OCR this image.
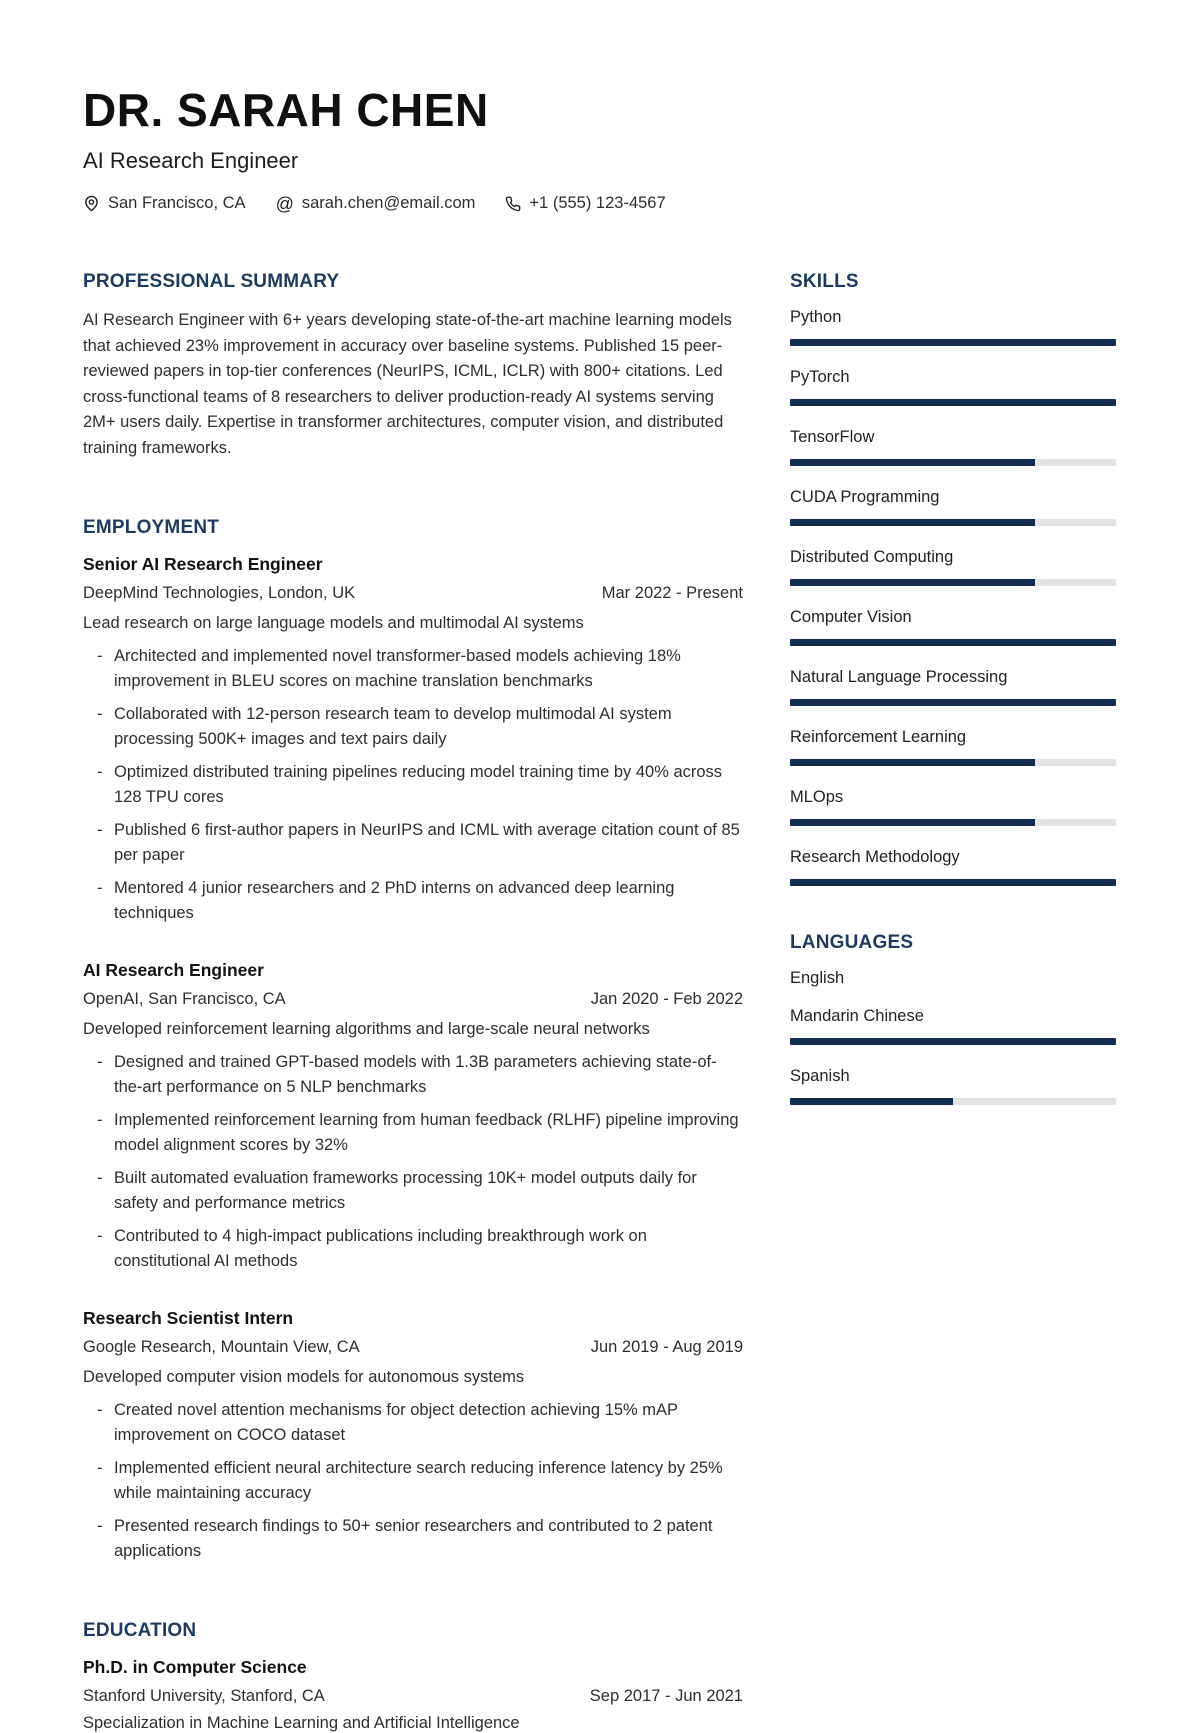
DR. SARAH CHEN
AI Research Engineer
San Francisco, CA @ sarah.chen@email.com	+1 (555) 123-4567
PROFESSIONAL SUMMARY

AI Research Engineer with 6+ years developing state-of-the-art machine learning models that achieved 23% improvement in accuracy over baseline systems. Published 15 peer-reviewed papers in top-tier conferences (NeurIPS, ICML, ICLR) with 800+ citations. Led cross-functional teams of 8 researchers to deliver production-ready AI systems serving 2M+ users daily. Expertise in transformer architectures, computer vision, and distributed training frameworks.

EMPLOYMENT
Senior AI Research Engineer
DeepMind Technologies, London, UK	Mar 2022 - Present
Lead research on large language models and multimodal AI systems
- Architected and implemented novel transformer-based models achieving 18% improvement in BLEU scores on machine translation benchmarks
- Collaborated with 12-person research team to develop multimodal AI system processing 500K+ images and text pairs daily
- Optimized distributed training pipelines reducing model training time by 40% across 128 TPU cores
- Published 6 first-author papers in NeurIPS and ICML with average citation count of 85 per paper
- Mentored 4 junior researchers and 2 PhD interns on advanced deep learning techniques
AI Research Engineer
OpenAI, San Francisco, CA	Jan 2020 - Feb 2022
Developed reinforcement learning algorithms and large-scale neural networks
- Designed and trained GPT-based models with 1.3B parameters achieving state-of-the-art performance on 5 NLP benchmarks
- Implemented reinforcement learning from human feedback (RLHF) pipeline improving model alignment scores by 32%
- Built automated evaluation frameworks processing 10K+ model outputs daily for safety and performance metrics
- Contributed to 4 high-impact publications including breakthrough work on constitutional AI methods
Research Scientist Intern
Google Research, Mountain View, CA	Jun 2019 - Aug 2019
Developed computer vision models for autonomous systems
- Created novel attention mechanisms for object detection achieving 15% mAP improvement on COCO dataset
- Implemented efficient neural architecture search reducing inference latency by 25% while maintaining accuracy
- Presented research findings to 50+ senior researchers and contributed to 2 patent applications
EDUCATION
Ph.D. in Computer Science
Stanford University, Stanford, CA	Sep 2017 - Jun 2021
Specialization in Machine Learning and Artificial Intelligence
SKILLS
Python
PyTorch
TensorFlow
CUDA Programming
Distributed Computing
Computer Vision
Natural Language Processing
Reinforcement Learning
MLOps
Research Methodology
LANGUAGES
English
Mandarin Chinese
Spanish
